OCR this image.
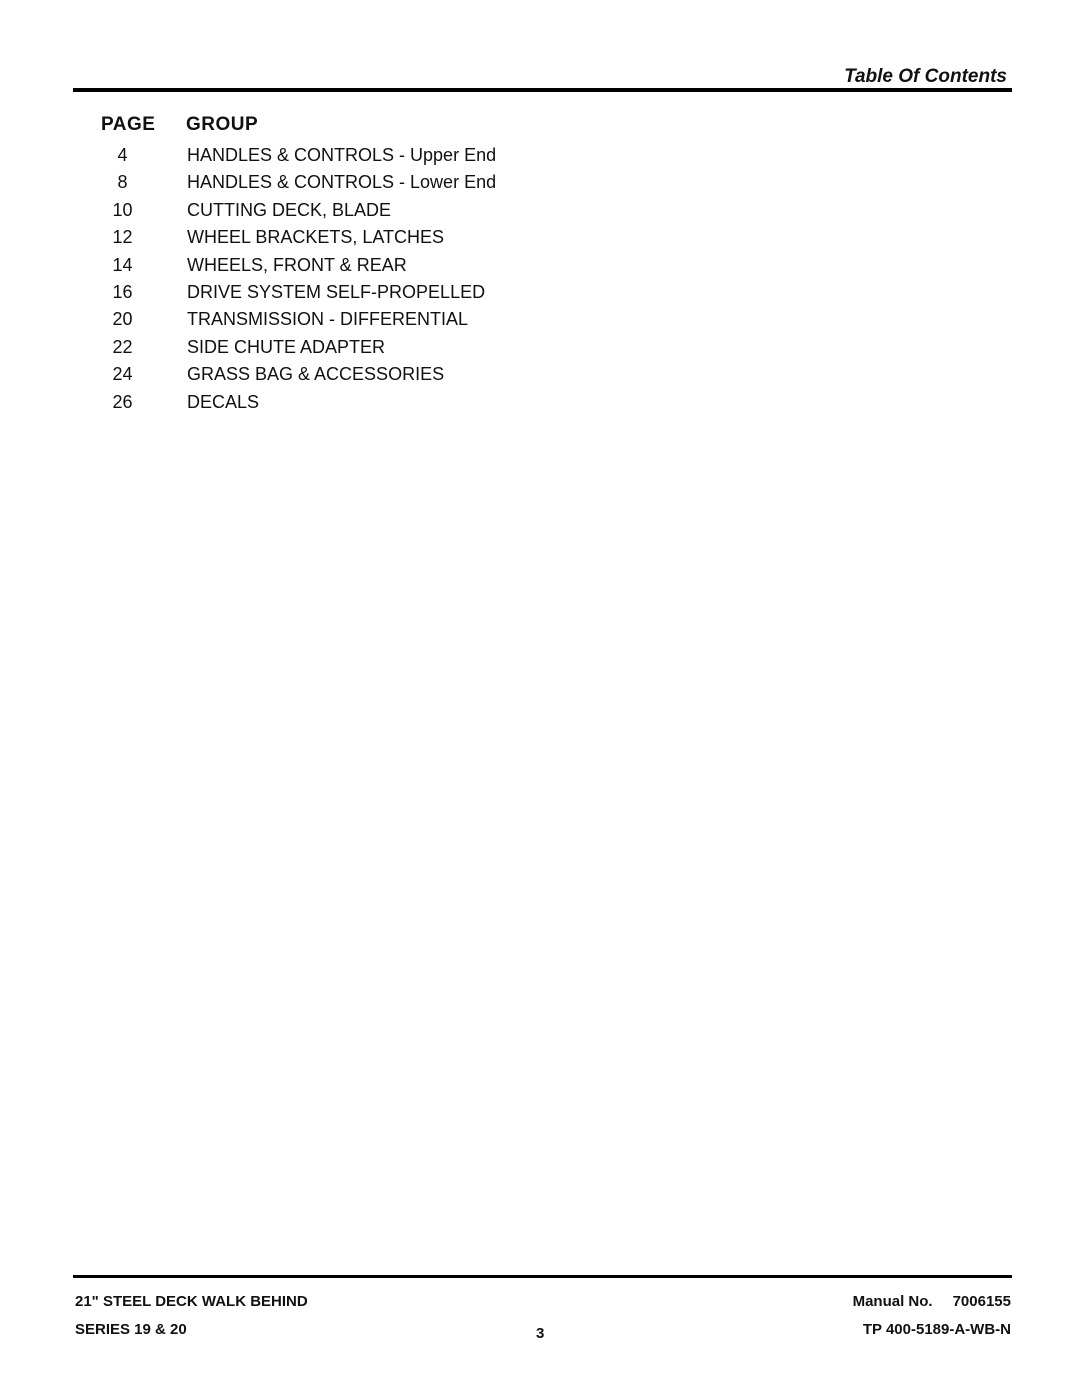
Table Of Contents
PAGE GROUP
4	HANDLES & CONTROLS - Upper End
8	HANDLES & CONTROLS - Lower End
10	CUTTING DECK, BLADE
12	WHEEL BRACKETS, LATCHES
14	WHEELS, FRONT & REAR
16	DRIVE SYSTEM SELF-PROPELLED
20	TRANSMISSION - DIFFERENTIAL
22	SIDE CHUTE ADAPTER
24	GRASS BAG & ACCESSORIES
26	DECALS
21" STEEL DECK WALK BEHIND
SERIES 19 & 20	3
Manual No. 7006155
TP 400-5189-A-WB-N
